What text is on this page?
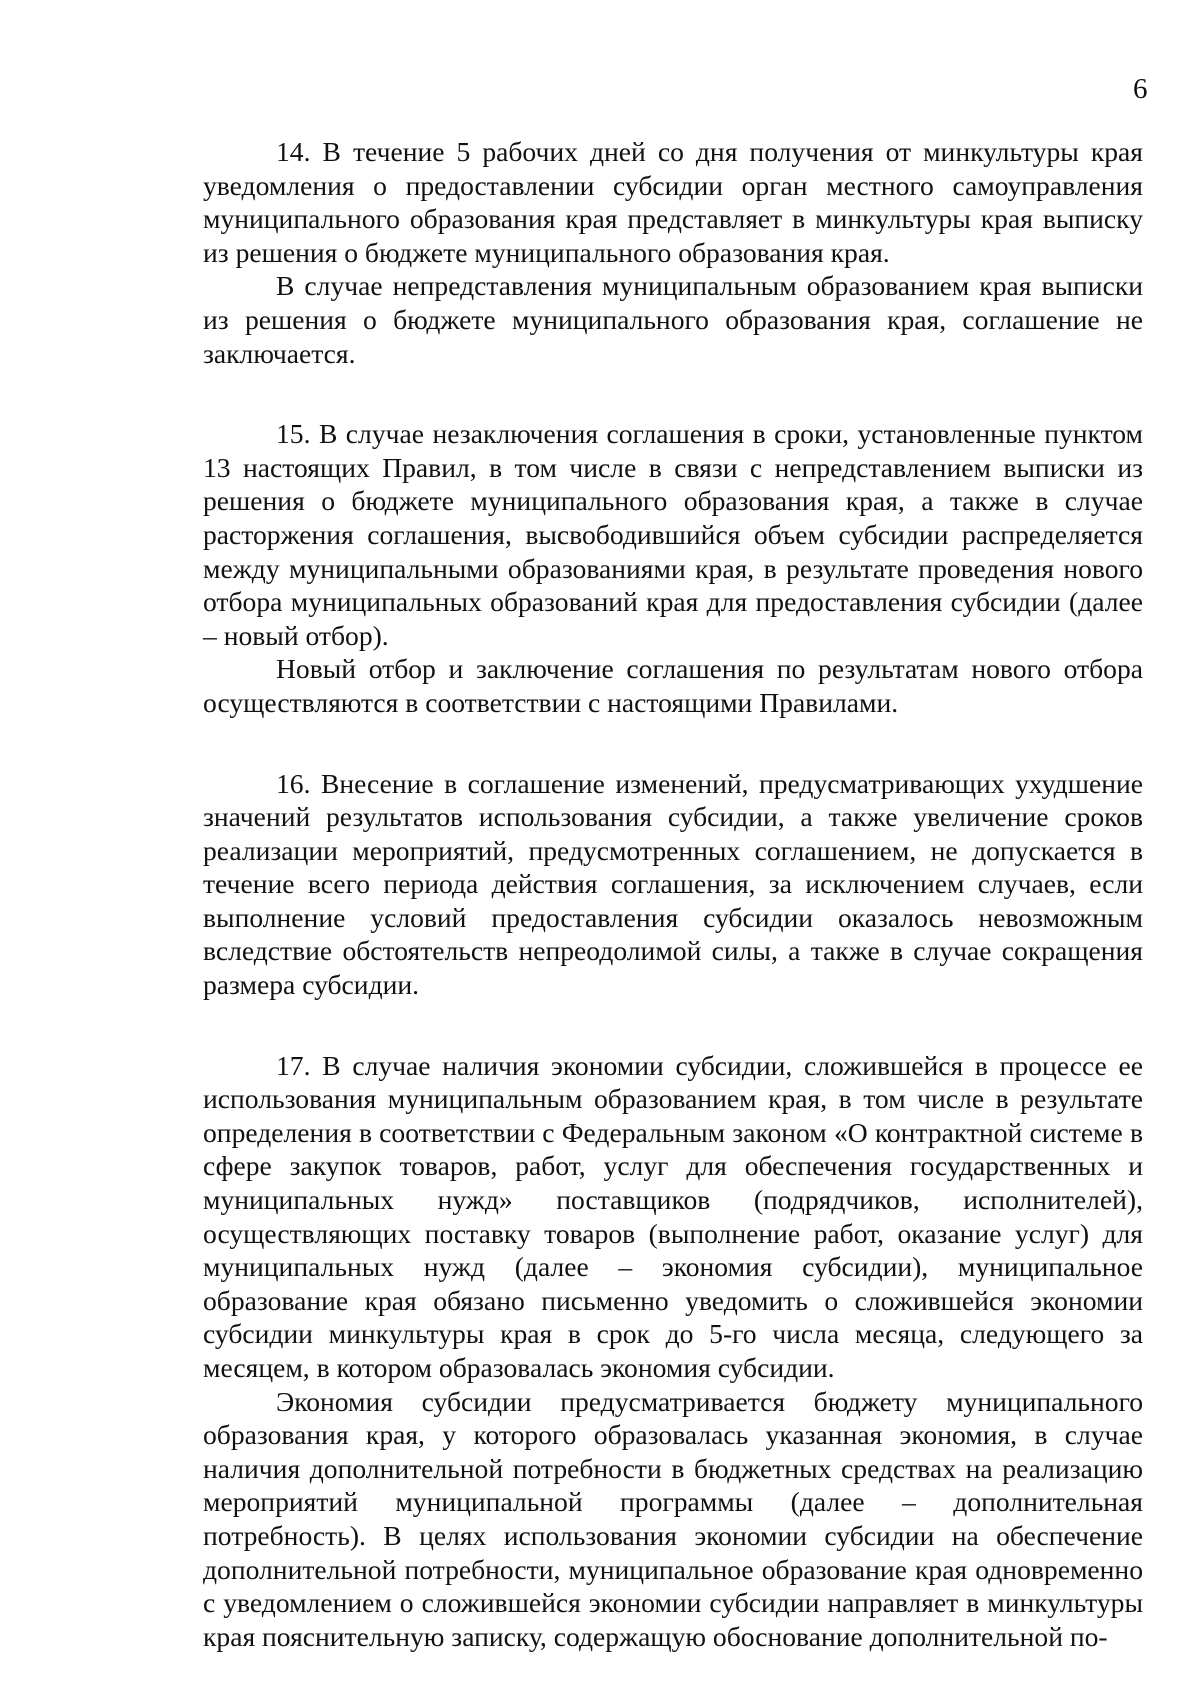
6

14. В течение 5 рабочих дней со дня получения от минкультуры края уведомления о предоставлении субсидии орган местного самоуправления муниципального образования края представляет в минкультуры края выписку из решения о бюджете муниципального образования края.

В случае непредставления муниципальным образованием края выписки из решения о бюджете муниципального образования края, соглашение не заключается.

15. В случае незаключения соглашения в сроки, установленные пунктом 13 настоящих Правил, в том числе в связи с непредставлением выписки из решения о бюджете муниципального образования края, а также в случае расторжения соглашения, высвободившийся объем субсидии распределяется между муниципальными образованиями края, в результате проведения нового отбора муниципальных образований края для предоставления субсидии (далее – новый отбор).

Новый отбор и заключение соглашения по результатам нового отбора осуществляются в соответствии с настоящими Правилами.

16. Внесение в соглашение изменений, предусматривающих ухудшение значений результатов использования субсидии, а также увеличение сроков реализации мероприятий, предусмотренных соглашением, не допускается в течение всего периода действия соглашения, за исключением случаев, если выполнение условий предоставления субсидии оказалось невозможным вследствие обстоятельств непреодолимой силы, а также в случае сокращения размера субсидии.

17. В случае наличия экономии субсидии, сложившейся в процессе ее использования муниципальным образованием края, в том числе в результате определения в соответствии с Федеральным законом «О контрактной системе в сфере закупок товаров, работ, услуг для обеспечения государственных и муниципальных нужд» поставщиков (подрядчиков, исполнителей), осуществляющих поставку товаров (выполнение работ, оказание услуг) для муниципальных нужд (далее – экономия субсидии), муниципальное образование края обязано письменно уведомить о сложившейся экономии субсидии минкультуры края в срок до 5-го числа месяца, следующего за месяцем, в котором образовалась экономия субсидии.

Экономия субсидии предусматривается бюджету муниципального образования края, у которого образовалась указанная экономия, в случае наличия дополнительной потребности в бюджетных средствах на реализацию мероприятий муниципальной программы (далее – дополнительная потребность). В целях использования экономии субсидии на обеспечение дополнительной потребности, муниципальное образование края одновременно с уведомлением о сложившейся экономии субсидии направляет в минкультуры края пояснительную записку, содержащую обоснование дополнительной по-
